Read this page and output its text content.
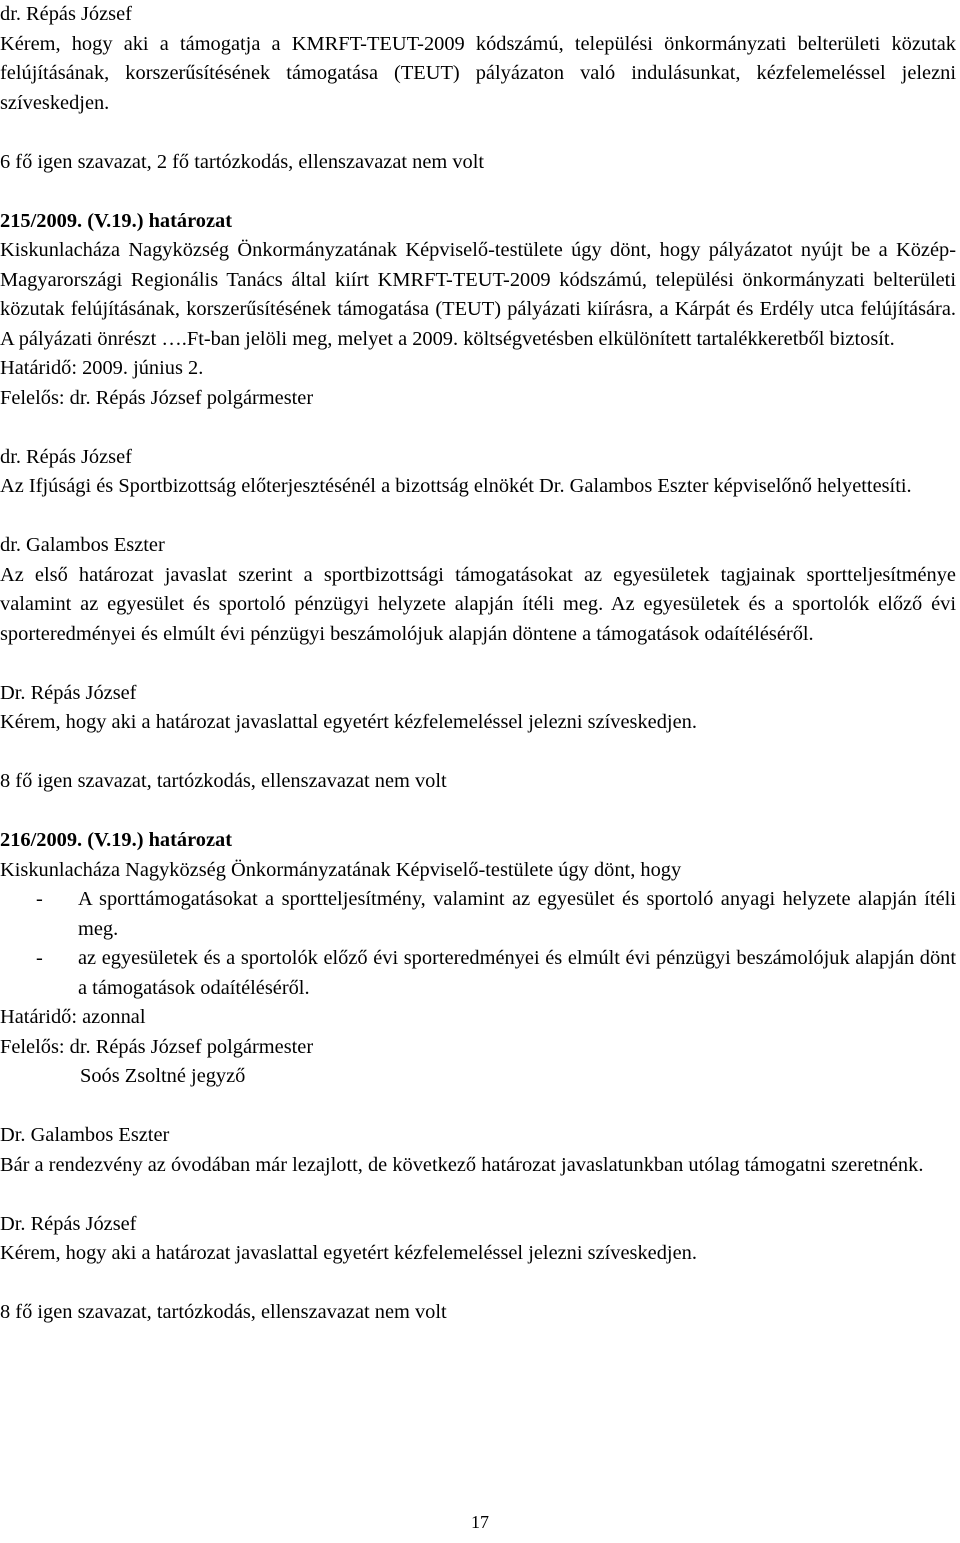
dr. Répás József
Kérem, hogy aki a támogatja a KMRFT-TEUT-2009 kódszámú, települési önkormányzati belterületi közutak felújításának, korszerűsítésének támogatása (TEUT) pályázaton való indulásunkat, kézfelemeléssel jelezni szíveskedjen.
6 fő igen szavazat, 2 fő tartózkodás, ellenszavazat nem volt
215/2009. (V.19.) határozat
Kiskunlacháza Nagyközség Önkormányzatának Képviselő-testülete úgy dönt, hogy pályázatot nyújt be a Közép-Magyarországi Regionális Tanács által kiírt KMRFT-TEUT-2009 kódszámú, települési önkormányzati belterületi közutak felújításának, korszerűsítésének támogatása (TEUT) pályázati kiírásra, a Kárpát és Erdély utca felújítására. A pályázati önrészt ….Ft-ban jelöli meg, melyet a 2009. költségvetésben elkülönített tartalékkeretből biztosít.
Határidő: 2009. június 2.
Felelős: dr. Répás József polgármester
dr. Répás József
Az Ifjúsági és Sportbizottság előterjesztésénél a bizottság elnökét Dr. Galambos Eszter képviselőnő helyettesíti.
dr. Galambos Eszter
Az első határozat javaslat szerint a sportbizottsági támogatásokat az egyesületek tagjainak sportteljesítménye valamint az egyesület és sportoló pénzügyi helyzete alapján ítéli meg. Az egyesületek és a sportolók előző évi sporteredményei és elmúlt évi pénzügyi beszámolójuk alapján döntene a támogatások odaítéléséről.
Dr. Répás József
Kérem, hogy aki a határozat javaslattal egyetért kézfelemeléssel jelezni szíveskedjen.
8 fő igen szavazat, tartózkodás, ellenszavazat nem volt
216/2009. (V.19.) határozat
Kiskunlacháza Nagyközség Önkormányzatának Képviselő-testülete úgy dönt, hogy
- A sporttámogatásokat a sportteljesítmény, valamint az egyesület és sportoló anyagi helyzete alapján ítéli meg.
- az egyesületek és a sportolók előző évi sporteredményei és elmúlt évi pénzügyi beszámolójuk alapján dönt a támogatások odaítéléséről.
Határidő: azonnal
Felelős: dr. Répás József polgármester
Soós Zsoltné jegyző
Dr. Galambos Eszter
Bár a rendezvény az óvodában már lezajlott, de következő határozat javaslatunkban utólag támogatni szeretnénk.
Dr. Répás József
Kérem, hogy aki a határozat javaslattal egyetért kézfelemeléssel jelezni szíveskedjen.
8 fő igen szavazat, tartózkodás, ellenszavazat nem volt
17
